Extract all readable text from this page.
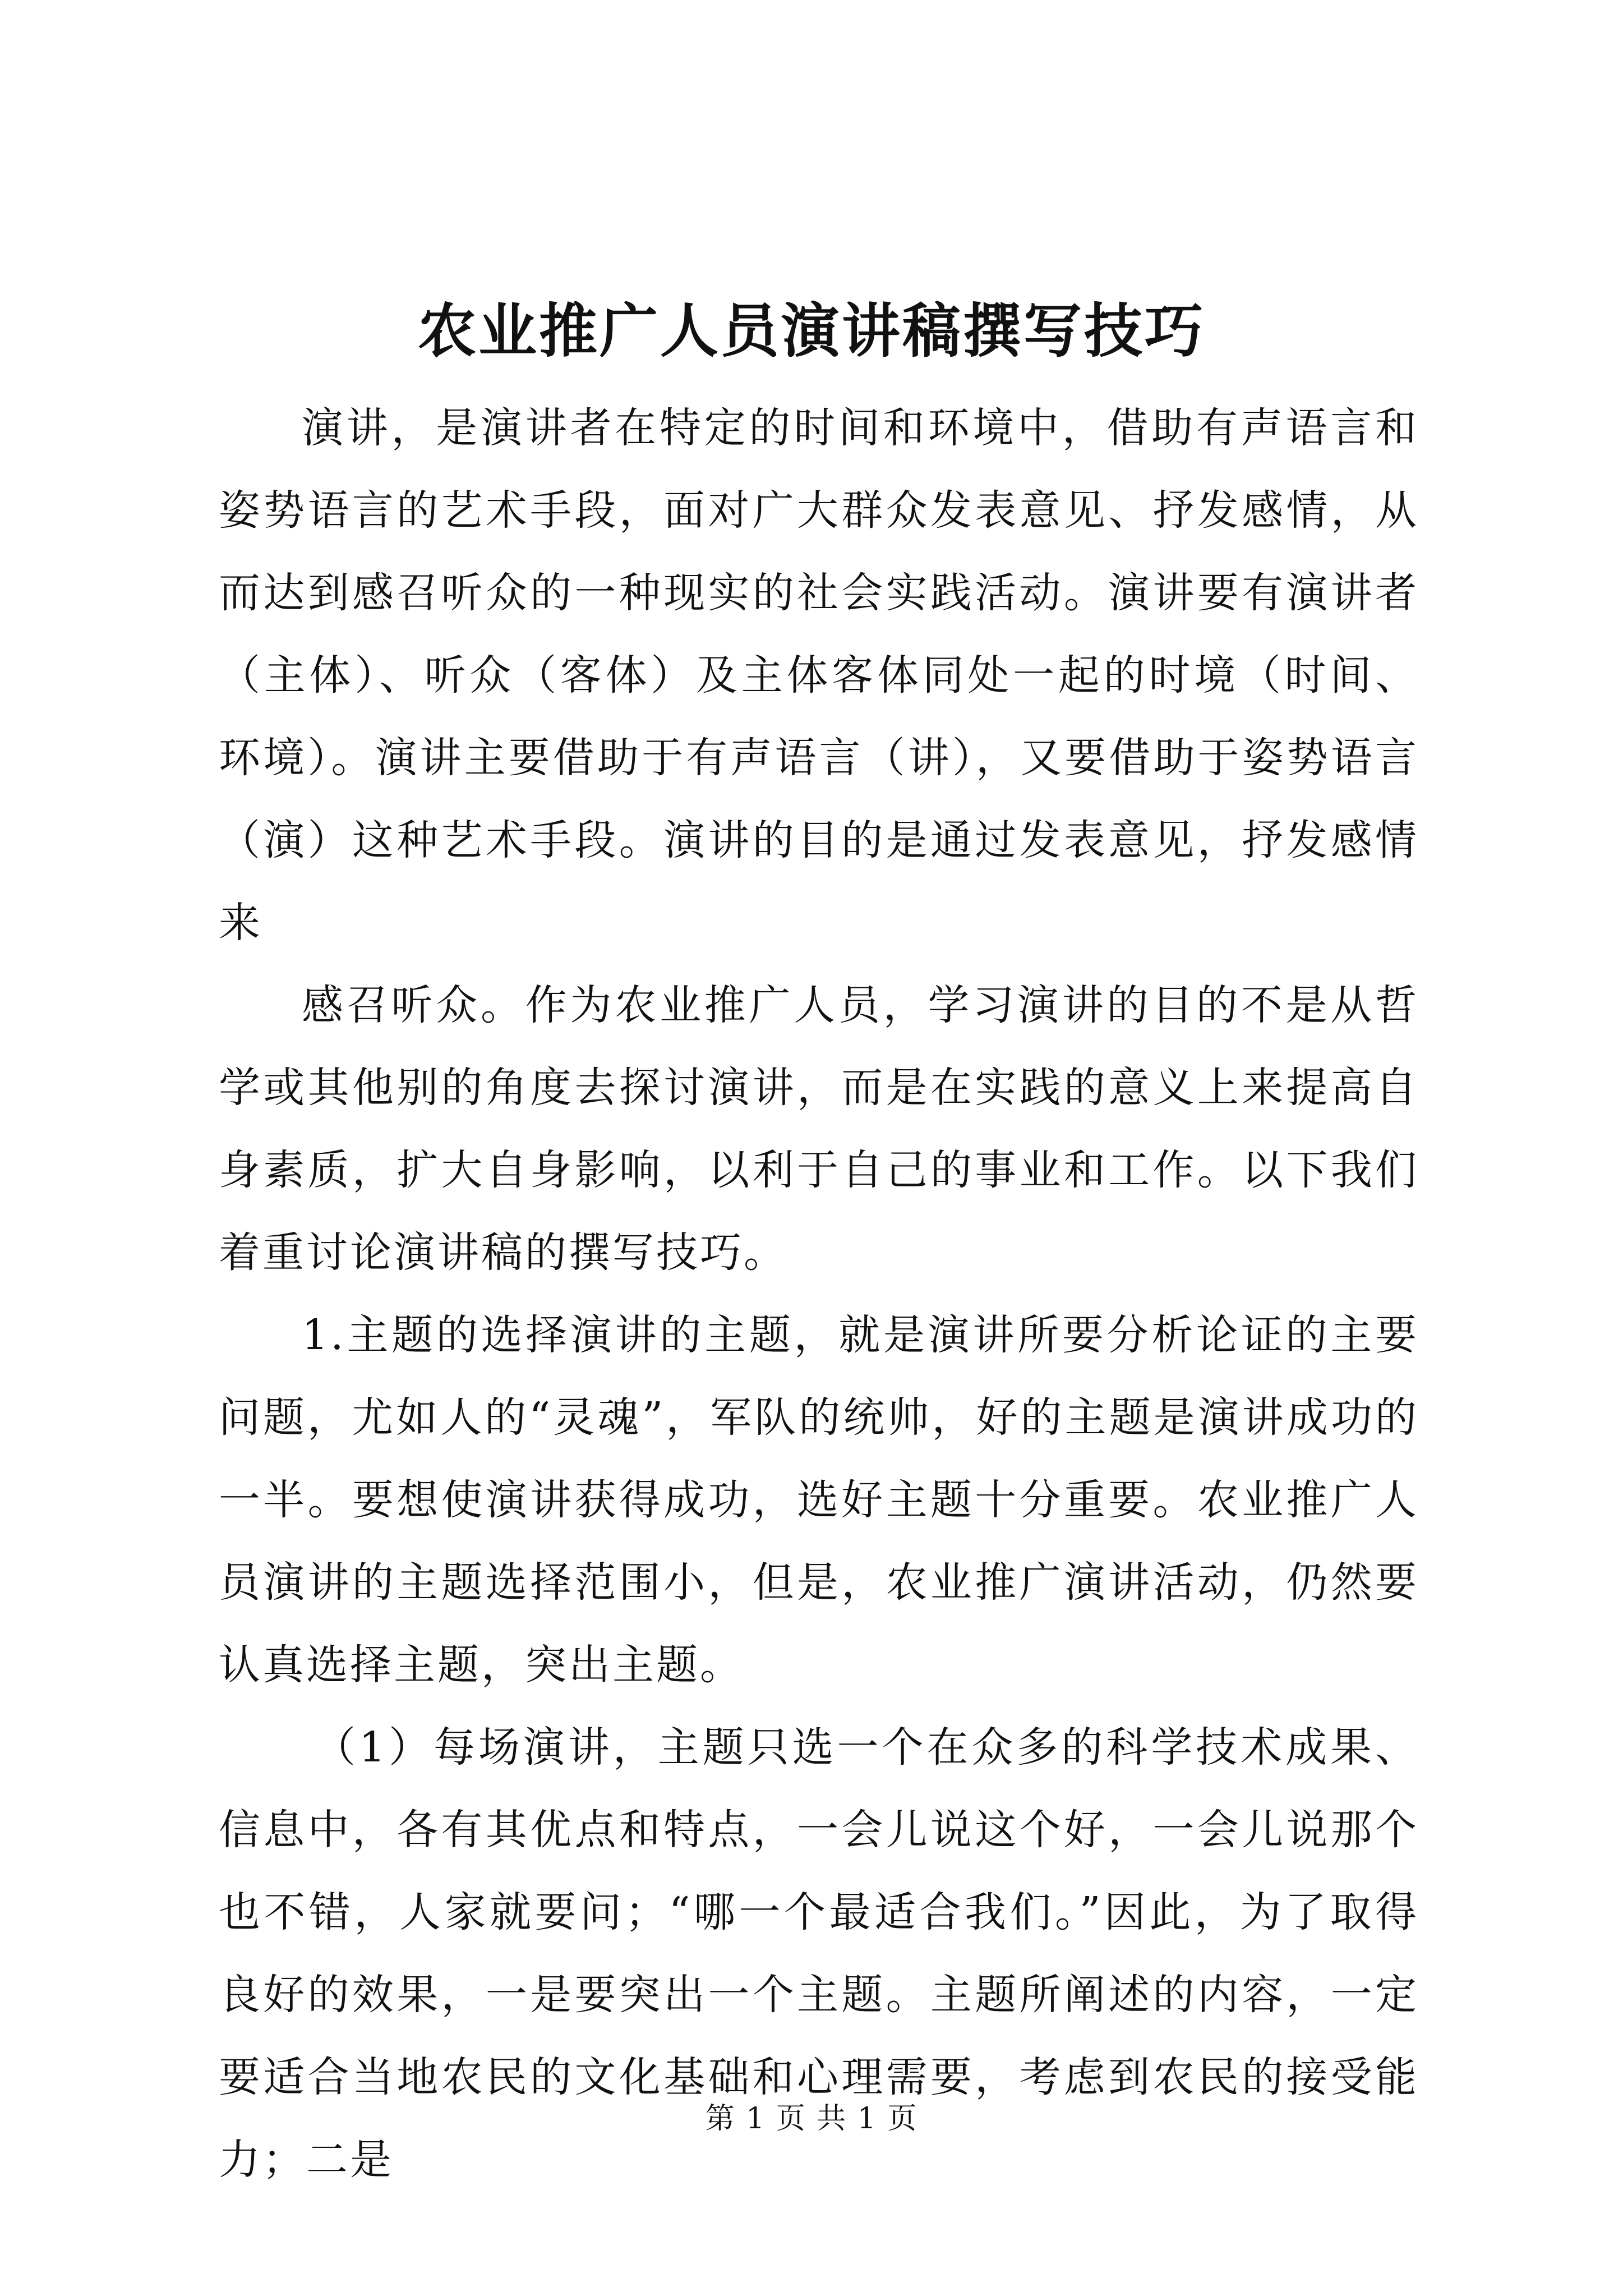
农业推广人员演讲稿撰写技巧

演讲，是演讲者在特定的时间和环境中，借助有声语言和姿势语言的艺术手段，面对广大群众发表意见、抒发感情，从而达到感召听众的一种现实的社会实践活动。演讲要有演讲者（主体）、听众（客体）及主体客体同处一起的时境（时间、环境）。演讲主要借助于有声语言（讲），又要借助于姿势语言（演）这种艺术手段。演讲的目的是通过发表意见，抒发感情来

感召听众。作为农业推广人员，学习演讲的目的不是从哲学或其他别的角度去探讨演讲，而是在实践的意义上来提高自身素质，扩大自身影响，以利于自己的事业和工作。以下我们着重讨论演讲稿的撰写技巧。

1.主题的选择演讲的主题，就是演讲所要分析论证的主要问题，尤如人的“灵魂”，军队的统帅，好的主题是演讲成功的一半。要想使演讲获得成功，选好主题十分重要。农业推广人员演讲的主题选择范围小，但是，农业推广演讲活动，仍然要认真选择主题，突出主题。

（1）每场演讲，主题只选一个在众多的科学技术成果、信息中，各有其优点和特点，一会儿说这个好，一会儿说那个也不错，人家就要问；“哪一个最适合我们。”因此，为了取得良好的效果，一是要突出一个主题。主题所阐述的内容，一定要适合当地农民的文化基础和心理需要，考虑到农民的接受能力；二是

第 1 页 共 1 页
